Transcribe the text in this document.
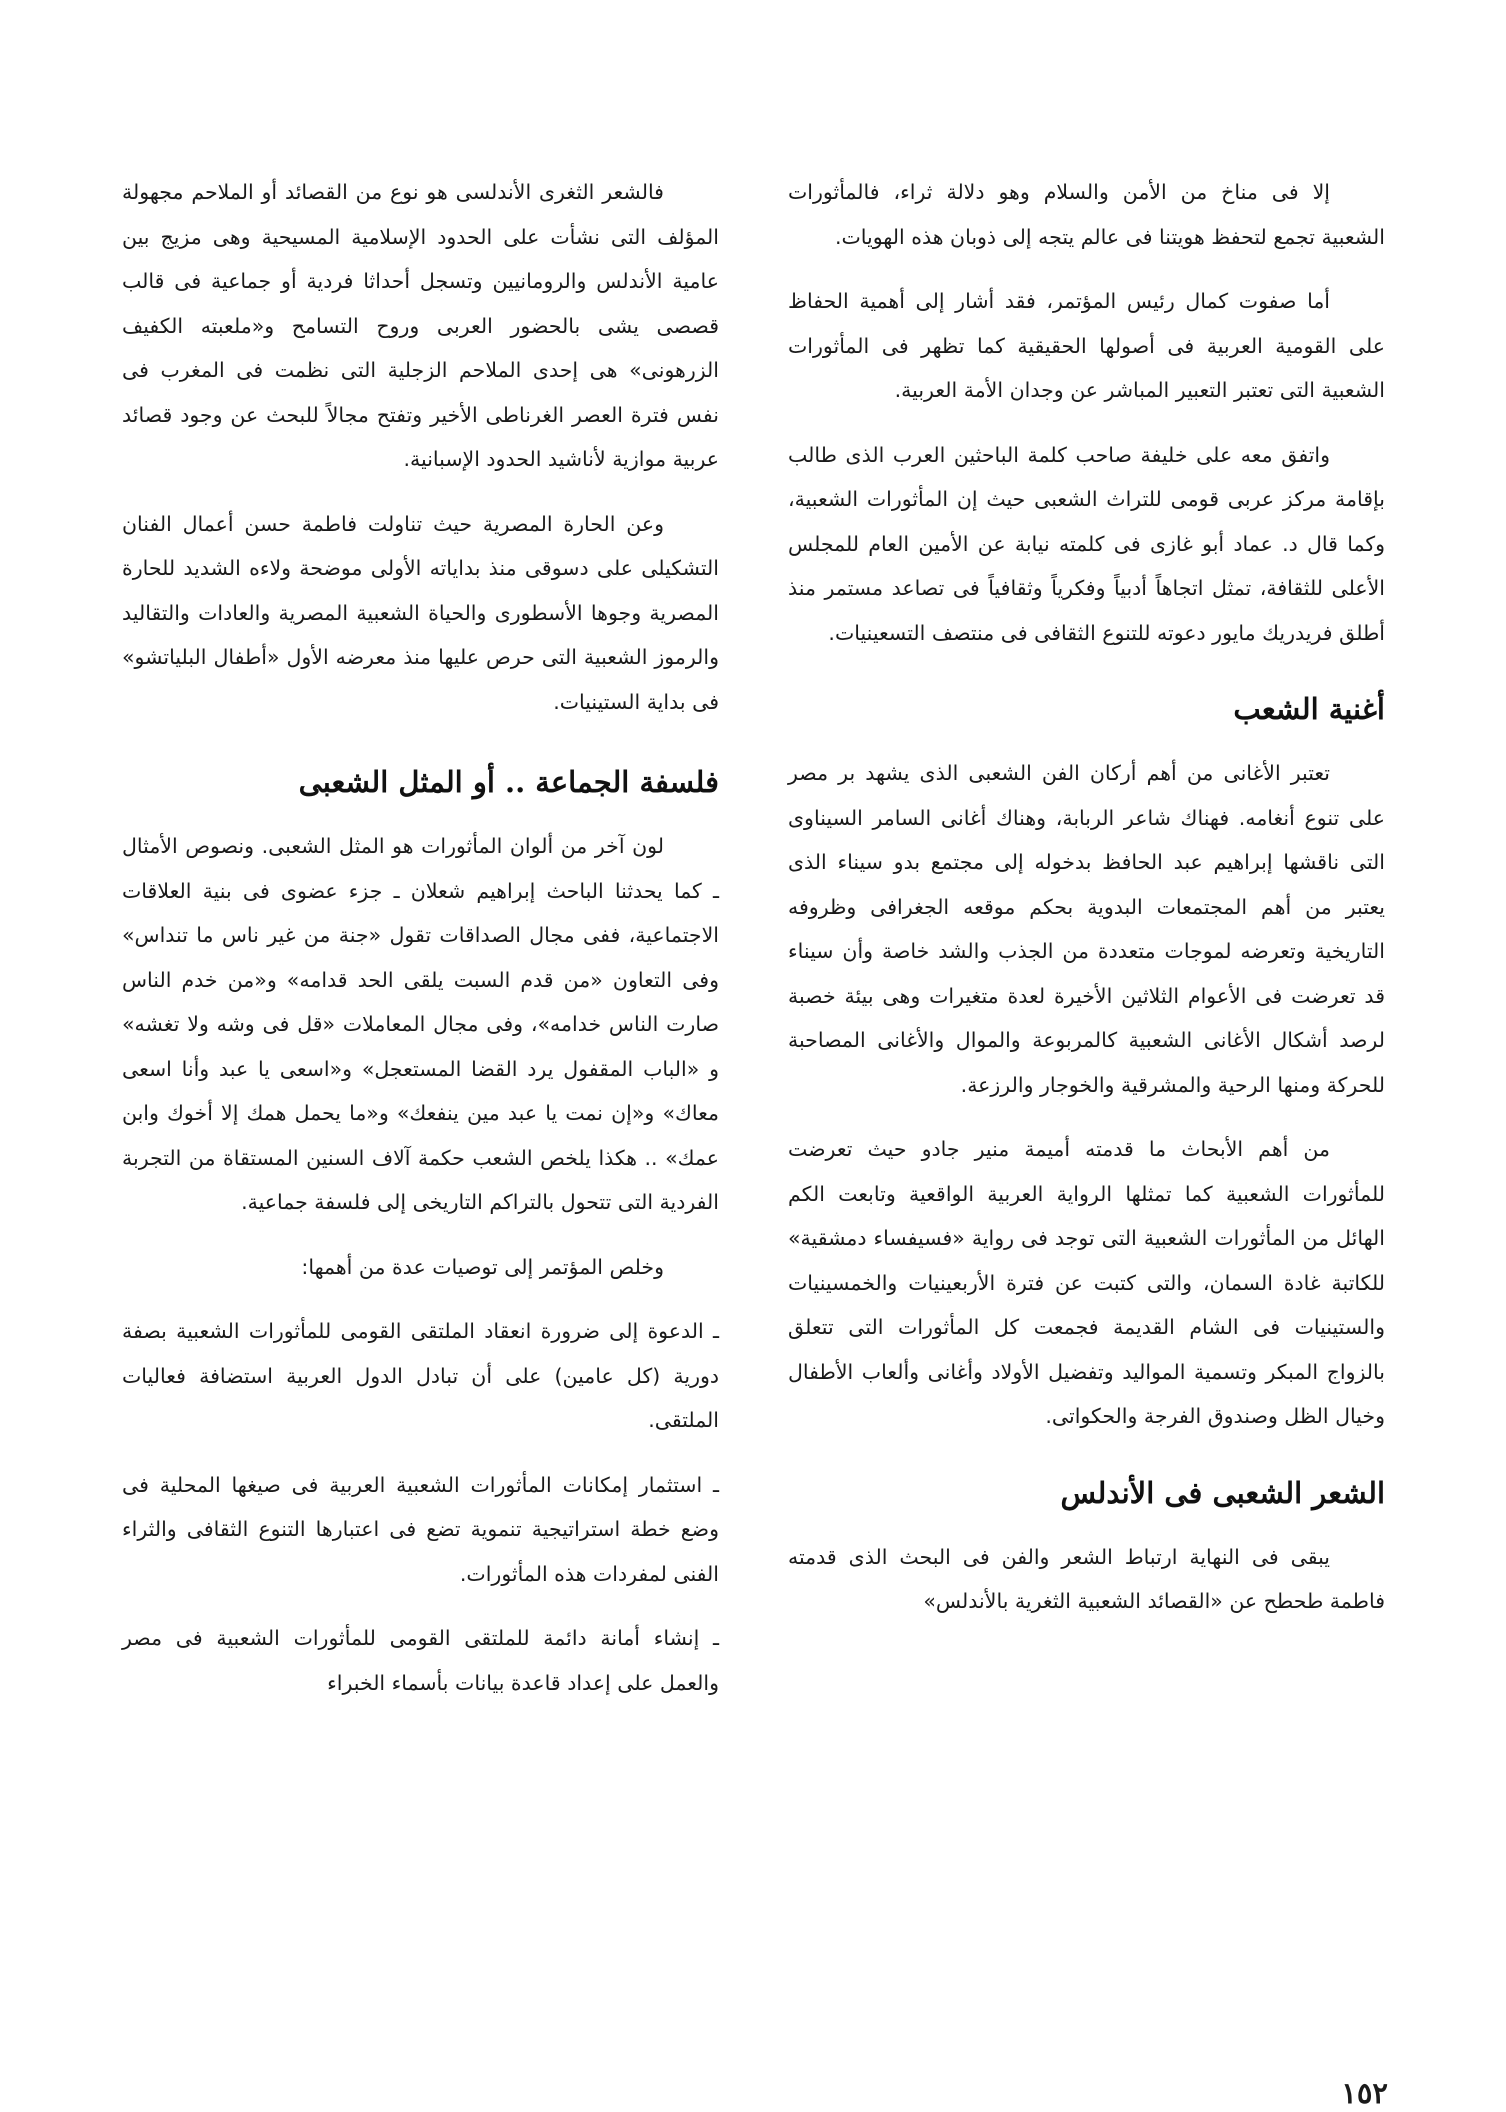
إلا فى مناخ من الأمن والسلام وهو دلالة ثراء، فالمأثورات الشعبية تجمع لتحفظ هويتنا فى عالم يتجه إلى ذوبان هذه الهويات.

أما صفوت كمال رئيس المؤتمر، فقد أشار إلى أهمية الحفاظ على القومية العربية فى أصولها الحقيقية كما تظهر فى المأثورات الشعبية التى تعتبر التعبير المباشر عن وجدان الأمة العربية.

واتفق معه على خليفة صاحب كلمة الباحثين العرب الذى طالب بإقامة مركز عربى قومى للتراث الشعبى حيث إن المأثورات الشعبية، وكما قال د. عماد أبو غازى فى كلمته نيابة عن الأمين العام للمجلس الأعلى للثقافة، تمثل اتجاهاً أدبياً وفكرياً وثقافياً فى تصاعد مستمر منذ أطلق فريدريك مايور دعوته للتنوع الثقافى فى منتصف التسعينيات.

أغنية الشعب

تعتبر الأغانى من أهم أركان الفن الشعبى الذى يشهد بر مصر على تنوع أنغامه. فهناك شاعر الربابة، وهناك أغانى السامر السيناوى التى ناقشها إبراهيم عبد الحافظ بدخوله إلى مجتمع بدو سيناء الذى يعتبر من أهم المجتمعات البدوية بحكم موقعه الجغرافى وظروفه التاريخية وتعرضه لموجات متعددة من الجذب والشد خاصة وأن سيناء قد تعرضت فى الأعوام الثلاثين الأخيرة لعدة متغيرات وهى بيئة خصبة لرصد أشكال الأغانى الشعبية كالمربوعة والموال والأغانى المصاحبة للحركة ومنها الرحية والمشرقية والخوجار والرزعة.

من أهم الأبحاث ما قدمته أميمة منير جادو حيث تعرضت للمأثورات الشعبية كما تمثلها الرواية العربية الواقعية وتابعت الكم الهائل من المأثورات الشعبية التى توجد فى رواية «فسيفساء دمشقية» للكاتبة غادة السمان، والتى كتبت عن فترة الأربعينيات والخمسينيات والستينيات فى الشام القديمة فجمعت كل المأثورات التى تتعلق بالزواج المبكر وتسمية المواليد وتفضيل الأولاد وأغانى وألعاب الأطفال وخيال الظل وصندوق الفرجة والحكواتى.

الشعر الشعبى فى الأندلس

يبقى فى النهاية ارتباط الشعر والفن فى البحث الذى قدمته فاطمة طحطح عن «القصائد الشعبية الثغرية بالأندلس»

فالشعر الثغرى الأندلسى هو نوع من القصائد أو الملاحم مجهولة المؤلف التى نشأت على الحدود الإسلامية المسيحية وهى مزيج بين عامية الأندلس والرومانيين وتسجل أحداثا فردية أو جماعية فى قالب قصصى يشى بالحضور العربى وروح التسامح و«ملعبته الكفيف الزرهونى» هى إحدى الملاحم الزجلية التى نظمت فى المغرب فى نفس فترة العصر الغرناطى الأخير وتفتح مجالاً للبحث عن وجود قصائد عربية موازية لأناشيد الحدود الإسبانية.

وعن الحارة المصرية حيث تناولت فاطمة حسن أعمال الفنان التشكيلى على دسوقى منذ بداياته الأولى موضحة ولاءه الشديد للحارة المصرية وجوها الأسطورى والحياة الشعبية المصرية والعادات والتقاليد والرموز الشعبية التى حرص عليها منذ معرضه الأول «أطفال البلياتشو» فى بداية الستينيات.

فلسفة الجماعة .. أو المثل الشعبى

لون آخر من ألوان المأثورات هو المثل الشعبى. ونصوص الأمثال ـ كما يحدثنا الباحث إبراهيم شعلان ـ جزء عضوى فى بنية العلاقات الاجتماعية، ففى مجال الصداقات تقول «جنة من غير ناس ما تنداس» وفى التعاون «من قدم السبت يلقى الحد قدامه» و«من خدم الناس صارت الناس خدامه»، وفى مجال المعاملات «قل فى وشه ولا تغشه» و «الباب المقفول يرد القضا المستعجل» و«اسعى يا عبد وأنا اسعى معاك» و«إن نمت يا عبد مين ينفعك» و«ما يحمل همك إلا أخوك وابن عمك» .. هكذا يلخص الشعب حكمة آلاف السنين المستقاة من التجربة الفردية التى تتحول بالتراكم التاريخى إلى فلسفة جماعية.

وخلص المؤتمر إلى توصيات عدة من أهمها:

ـ الدعوة إلى ضرورة انعقاد الملتقى القومى للمأثورات الشعبية بصفة دورية (كل عامين) على أن تبادل الدول العربية استضافة فعاليات الملتقى.

ـ استثمار إمكانات المأثورات الشعبية العربية فى صيغها المحلية فى وضع خطة استراتيجية تنموية تضع فى اعتبارها التنوع الثقافى والثراء الفنى لمفردات هذه المأثورات.

ـ إنشاء أمانة دائمة للملتقى القومى للمأثورات الشعبية فى مصر والعمل على إعداد قاعدة بيانات بأسماء الخبراء

١٥٢
